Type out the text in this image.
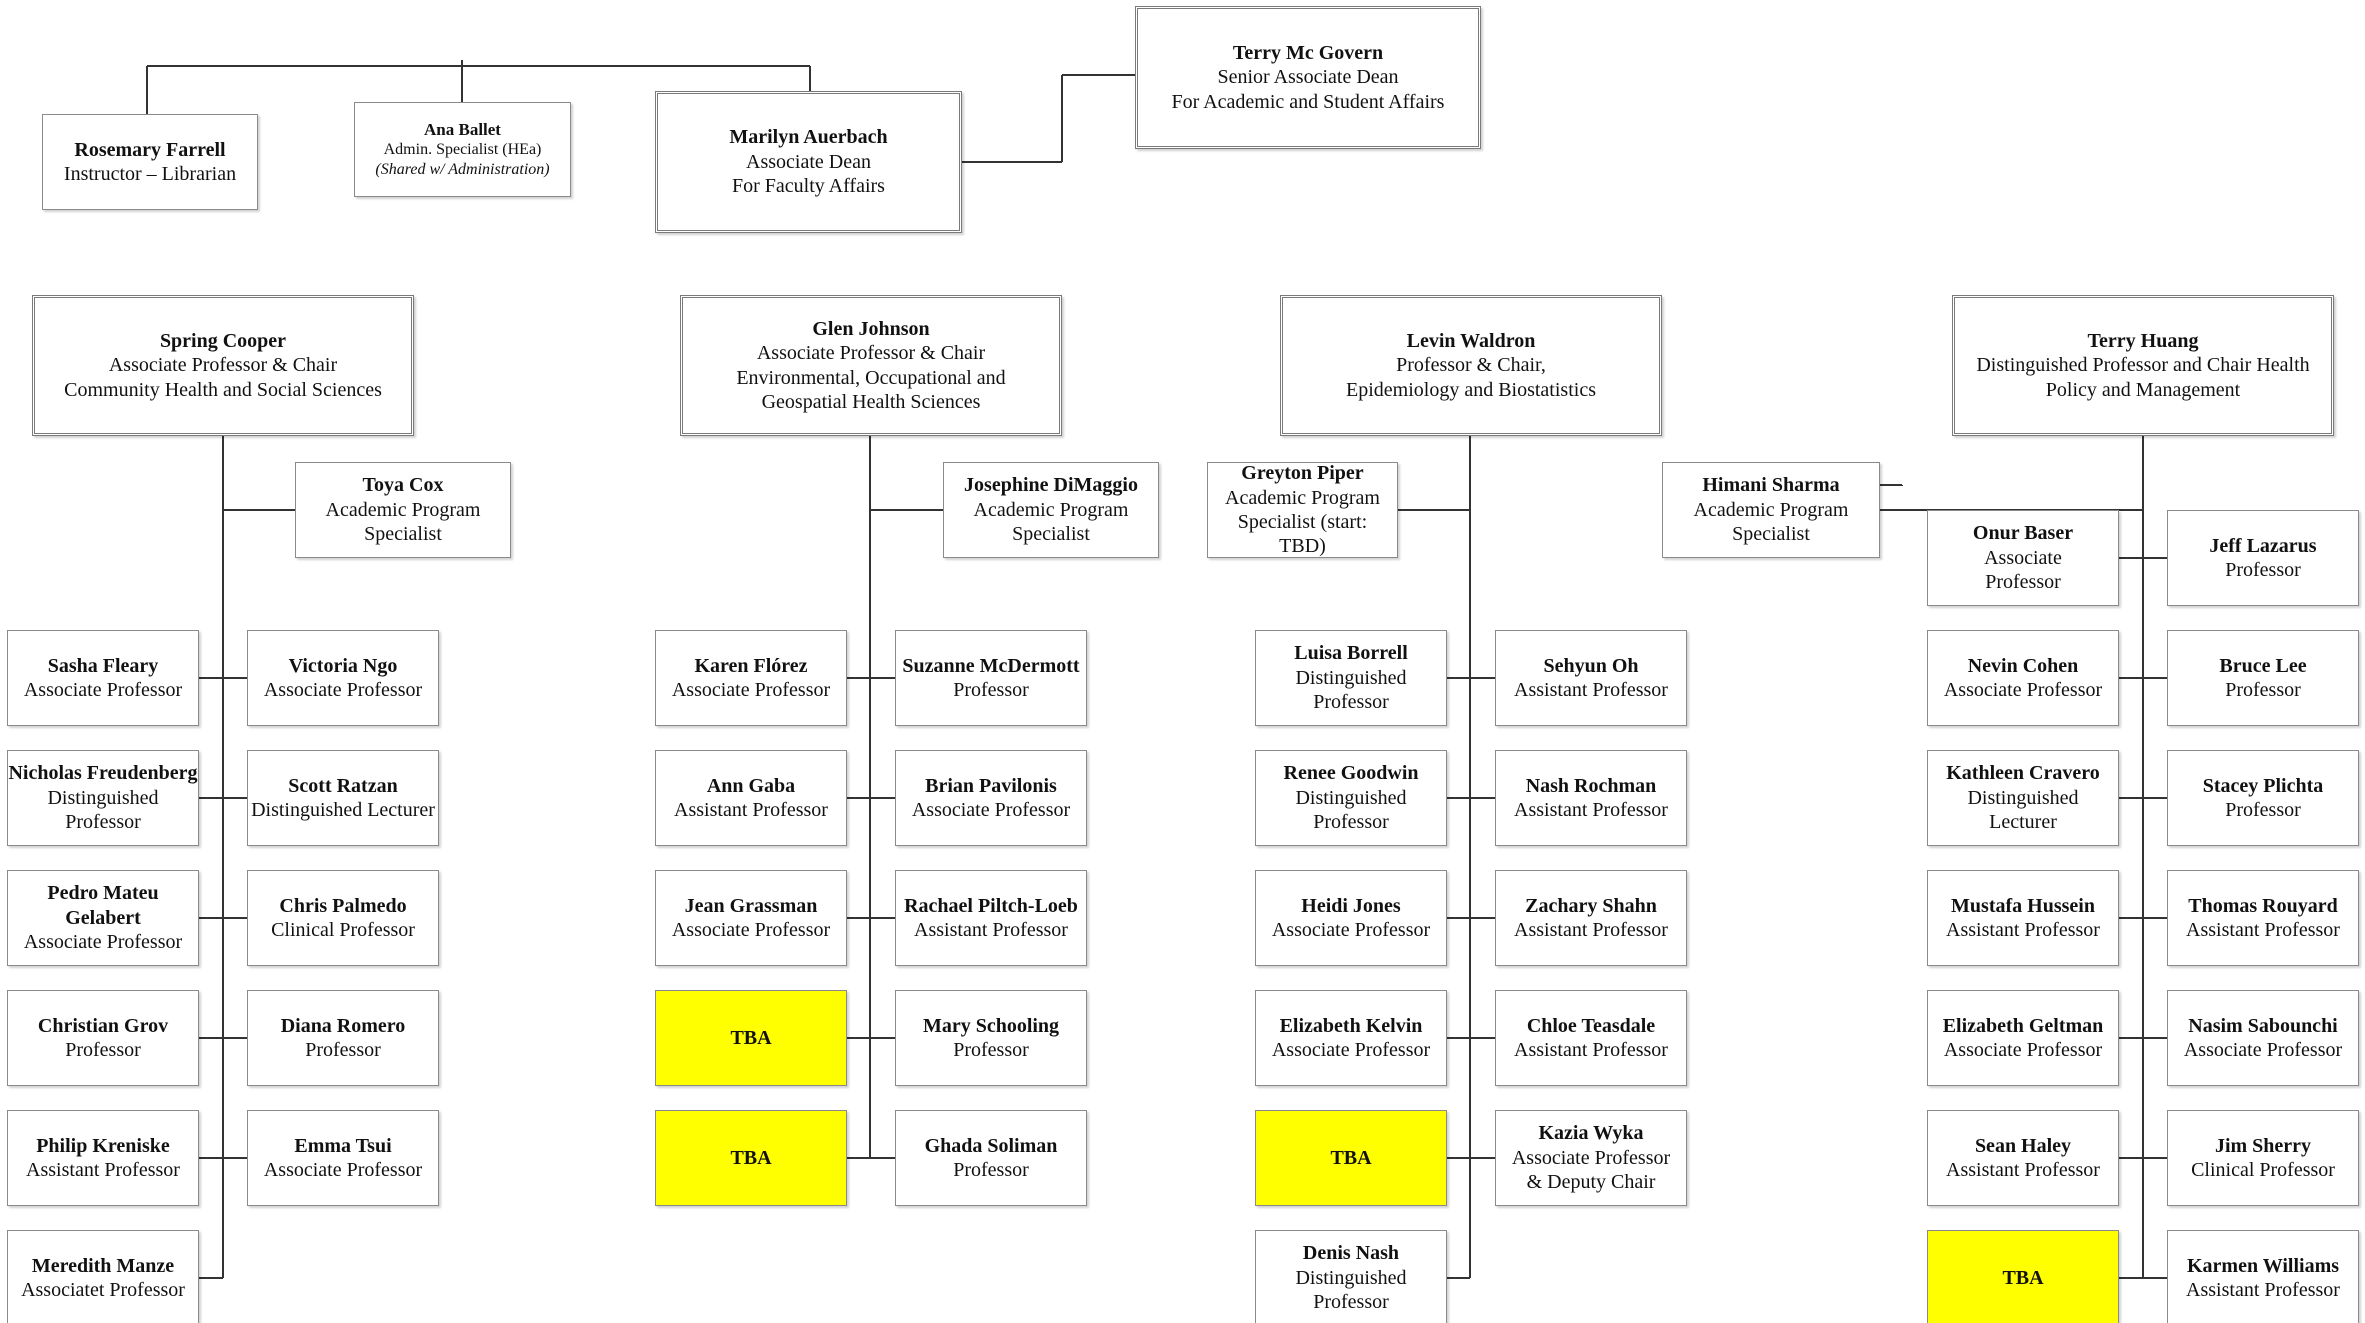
Terry Mc Govern
Senior Associate Dean
For Academic and Student Affairs
Marilyn Auerbach
Associate Dean
For Faculty Affairs
Rosemary Farrell
Instructor – Librarian
Ana Ballet
Admin. Specialist (HEa)
(Shared w/ Administration)
Spring Cooper
Associate Professor & Chair
Community Health and Social Sciences
Toya Cox
Academic Program
Specialist
Sasha Fleary
Associate Professor
Nicholas Freudenberg
Distinguished Professor
Pedro Mateu Gelabert
Associate Professor
Christian Grov
Professor
Philip Kreniske
Assistant Professor
Meredith Manze
Associatet Professor
Victoria Ngo
Associate Professor
Scott Ratzan
Distinguished Lecturer
Chris Palmedo
Clinical Professor
Diana Romero
Professor
Emma Tsui
Associate Professor
Glen Johnson
Associate Professor & Chair
Environmental, Occupational and
Geospatial Health Sciences
Josephine DiMaggio
Academic Program
Specialist
Karen Flórez
Associate Professor
Ann Gaba
Assistant Professor
Jean Grassman
Associate Professor
TBA
TBA
Suzanne McDermott
Professor
Brian Pavilonis
Associate Professor
Rachael Piltch-Loeb
Assistant Professor
Mary Schooling
Professor
Ghada Soliman
Professor
Levin Waldron
Professor & Chair,
Epidemiology and Biostatistics
Greyton Piper
Academic Program
Specialist (start:
TBD)
Luisa Borrell
Distinguished
Professor
Renee Goodwin
Distinguished
Professor
Heidi Jones
Associate Professor
Elizabeth Kelvin
Associate Professor
TBA
Denis Nash
Distinguished
Professor
Sehyun Oh
Assistant Professor
Nash Rochman
Assistant Professor
Zachary Shahn
Assistant Professor
Chloe Teasdale
Assistant Professor
Kazia Wyka
Associate Professor
& Deputy Chair
Terry Huang
Distinguished Professor and Chair Health
Policy and Management
Himani Sharma
Academic Program
Specialist	Onur Baser
Associate
Professor
Nevin Cohen
Associate Professor
Kathleen Cravero
Distinguished
Lecturer
Mustafa Hussein
Assistant Professor
Elizabeth Geltman
Associate Professor
Sean Haley
Assistant Professor
TBA
Jeff Lazarus
Professor
Bruce Lee
Professor
Stacey Plichta
Professor
Thomas Rouyard
Assistant Professor
Nasim Sabounchi
Associate Professor
Jim Sherry
Clinical Professor
Karmen Williams
Assistant Professor
